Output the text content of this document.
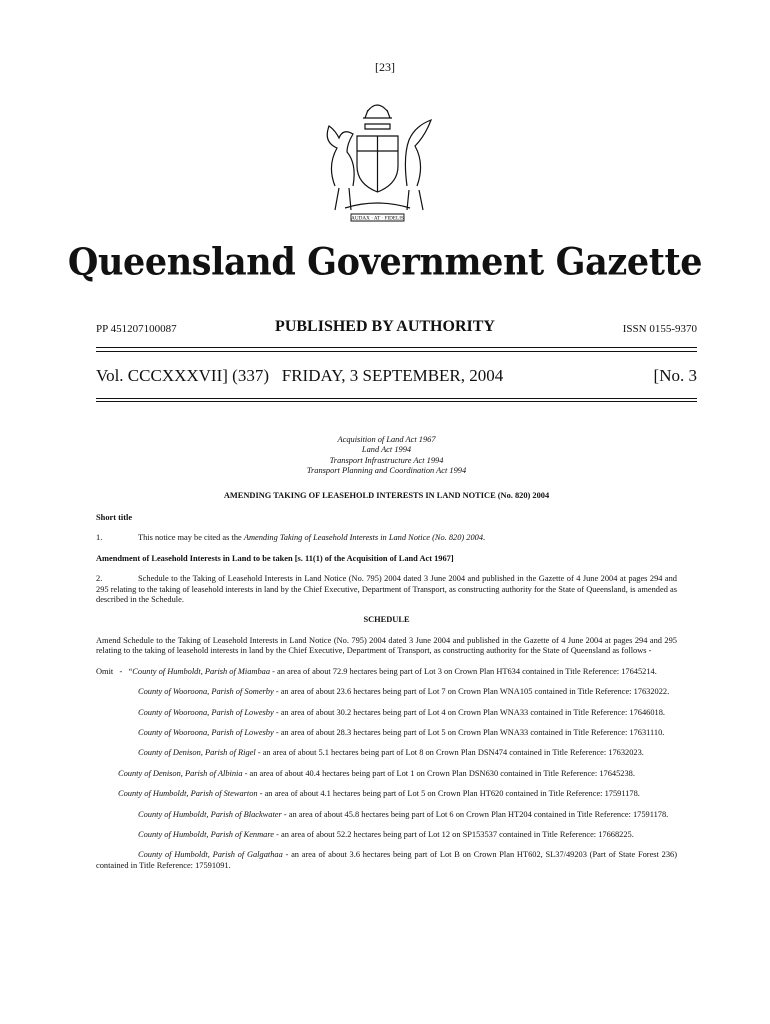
[23]
AUDAX · AT · FIDELIS
Queensland Government Gazette
PP 451207100087	PUBLISHED BY AUTHORITY	ISSN 0155-9370
Vol. CCCXXXVII] (337) FRIDAY, 3 SEPTEMBER, 2004	[No. 3
Acquisition of Land Act 1967
Land Act 1994
Transport Infrastructure Act 1994
Transport Planning and Coordination Act 1994
AMENDING TAKING OF LEASEHOLD INTERESTS IN LAND NOTICE (No. 820) 2004
Short title
1.	This notice may be cited as the Amending Taking of Leasehold Interests in Land Notice (No. 820) 2004.
Amendment of Leasehold Interests in Land to be taken [s. 11(1) of the Acquisition of Land Act 1967]

2.	Schedule to the Taking of Leasehold Interests in Land Notice (No. 795) 2004 dated 3 June 2004 and published in the Gazette of 4 June 2004 at pages 294 and 295 relating to the taking of leasehold interests in land by the Chief Executive, Department of Transport, as constructing authority for the State of Queensland, is amended as described in the Schedule.

SCHEDULE

Amend Schedule to the Taking of Leasehold Interests in Land Notice (No. 795) 2004 dated 3 June 2004 and published in the Gazette of 4 June 2004 at pages 294 and 295 relating to the taking of leasehold interests in land by the Chief Executive, Department of Transport, as constructing authority for the State of Queensland as follows -

Omit   -   “County of Humboldt, Parish of Miambaa - an area of about 72.9 hectares being part of Lot 3 on Crown Plan HT634 contained in Title Reference: 17645214.

County of Wooroona, Parish of Somerby - an area of about 23.6 hectares being part of Lot 7 on Crown Plan WNA105 contained in Title Reference: 17632022.

County of Wooroona, Parish of Lowesby - an area of about 30.2 hectares being part of Lot 4 on Crown Plan WNA33 contained in Title Reference: 17646018.

County of Wooroona, Parish of Lowesby - an area of about 28.3 hectares being part of Lot 5 on Crown Plan WNA33 contained in Title Reference: 17631110.

County of Denison, Parish of Rigel - an area of about 5.1 hectares being part of Lot 8 on Crown Plan DSN474 contained in Title Reference: 17632023.

County of Denison, Parish of Albinia - an area of about 40.4 hectares being part of Lot 1 on Crown Plan DSN630 contained in Title Reference: 17645238.

County of Humboldt, Parish of Stewarton - an area of about 4.1 hectares being part of Lot 5 on Crown Plan HT620 contained in Title Reference: 17591178.

County of Humboldt, Parish of Blackwater - an area of about 45.8 hectares being part of Lot 6 on Crown Plan HT204 contained in Title Reference: 17591178.

County of Humboldt, Parish of Kenmare - an area of about 52.2 hectares being part of Lot 12 on SP153537 contained in Title Reference: 17668225.

County of Humboldt, Parish of Galgathaa - an area of about 3.6 hectares being part of Lot B on Crown Plan HT602, SL37/49203 (Part of State Forest 236) contained in Title Reference: 17591091.
